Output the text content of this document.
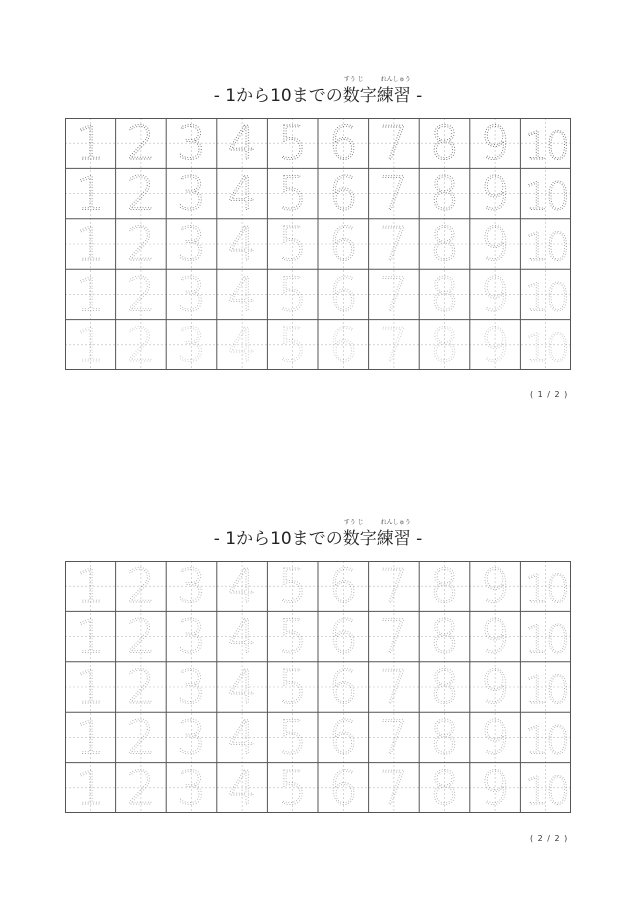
- 1から10までの
すう じ
数字
れんしゅう
練習 -
1 2 3 4 5 6 7 8 9 10
1 2 3 4 5 6 7 8 9 10
1 2 3 4 5 6 7 8 9 10
1 2 3 4 5 6 7 8 9 10
1 2 3 4 5 6 7 8 9 10
( 1 / 2 )
- 1から10までの
すう じ
数字
れんしゅう
練習 -
1 2 3 4 5 6 7 8 9 10
1 2 3 4 5 6 7 8 9 10
1 2 3 4 5 6 7 8 9 10
1 2 3 4 5 6 7 8 9 10
1 2 3 4 5 6 7 8 9 10
( 2 / 2 )
